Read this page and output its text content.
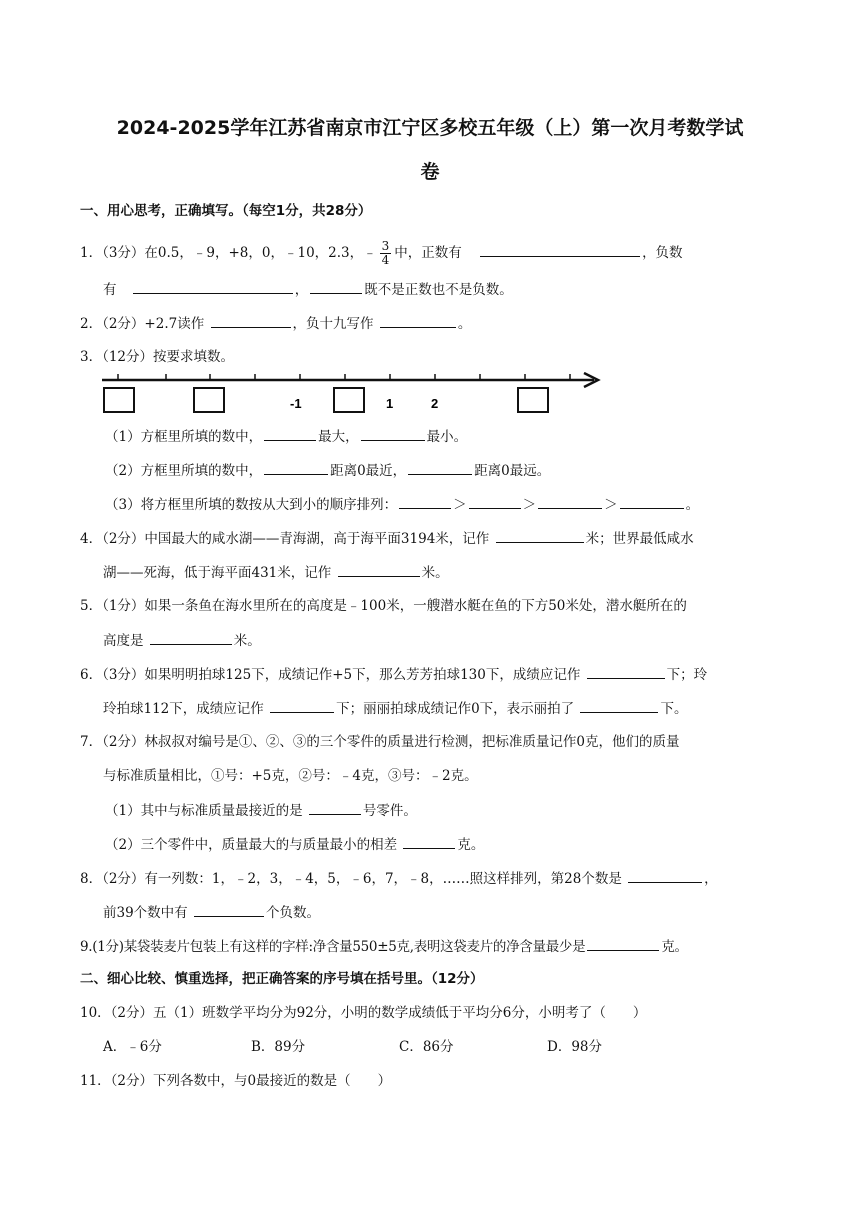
2024-2025学年江苏省南京市江宁区多校五年级（上）第一次月考数学试
卷
一、用心思考，正确填写。（每空1分，共28分）
1．（3分）在0.5，﹣9，+8，0，﹣10，2.3，﹣ $\frac{3}{4}$ 中，正数有	，负数
有	，	既不是正数也不是负数。
2．（2分）+2.7读作	，负十九写作	。
3．（12分）按要求填数。
-1	1	2
（1）方框里所填的数中，	最大，	最小。
（2）方框里所填的数中，	距离0最近，	距离0最远。
（3）将方框里所填的数按从大到小的顺序排列：	＞	＞	＞	。
4．（2分）中国最大的咸水湖——青海湖，高于海平面3194米，记作	米；世界最低咸水
湖——死海，低于海平面431米，记作	米。
5．（1分）如果一条鱼在海水里所在的高度是﹣100米，一艘潜水艇在鱼的下方50米处，潜水艇所在的
高度是	米。
6．（3分）如果明明拍球125下，成绩记作+5下，那么芳芳拍球130下，成绩应记作	下；玲
玲拍球112下，成绩应记作	下；丽丽拍球成绩记作0下，表示丽拍了	下。
7．（2分）林叔叔对编号是①、②、③的三个零件的质量进行检测，把标准质量记作0克，他们的质量
与标准质量相比，①号：+5克，②号：﹣4克，③号：﹣2克。
（1）其中与标准质量最接近的是	号零件。
（2）三个零件中，质量最大的与质量最小的相差	克。
8．（2分）有一列数：1，﹣2，3，﹣4，5，﹣6，7，﹣8，……照这样排列，第28个数是	，
前39个数中有	个负数。
9.(1分)某袋装麦片包装上有这样的字样:净含量550±5克,表明这袋麦片的净含量最少是	克。
二、细心比较、慎重选择，把正确答案的序号填在括号里。（12分）
10．（2分）五（1）班数学平均分为92分，小明的数学成绩低于平均分6分，小明考了（　　）
A．﹣6分	B．89分	C．86分	D．98分
11．（2分）下列各数中，与0最接近的数是（　　）
